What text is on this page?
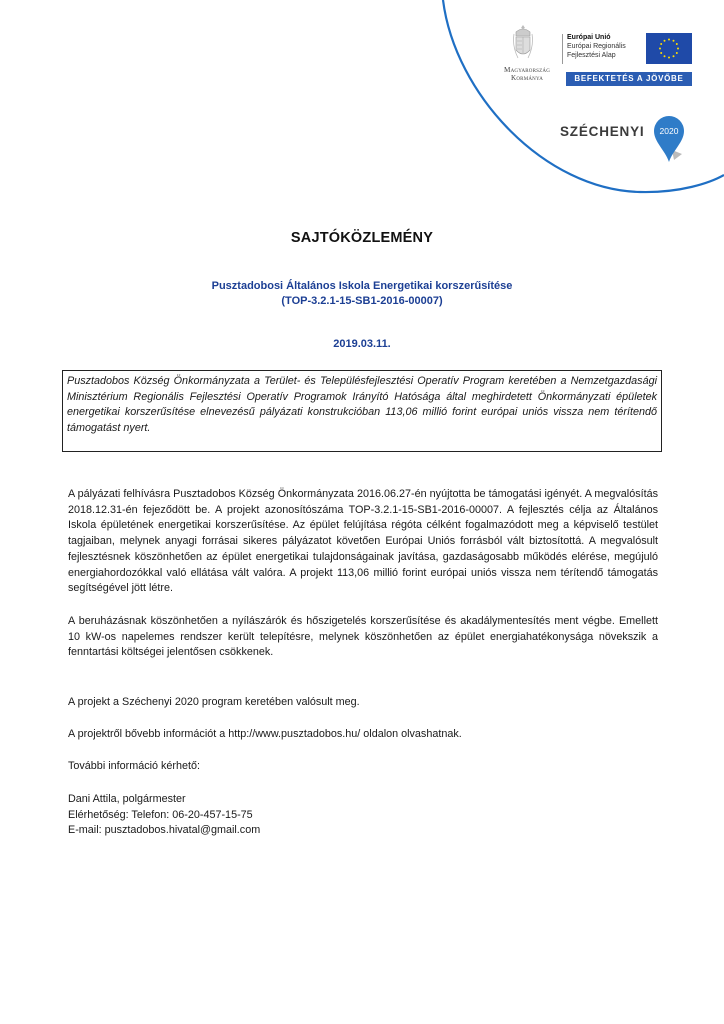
Magyarország
Kormánya
Európai Unió
Európai Regionális
Fejlesztési Alap
BEFEKTETÉS A JÖVŐBE
SZÉCHENYI 2020
SAJTÓKÖZLEMÉNY
Pusztadobosi Általános Iskola Energetikai korszerűsítése
(TOP-3.2.1-15-SB1-2016-00007)
2019.03.11.
Pusztadobos Község Önkormányzata a Terület- és Településfejlesztési Operatív Program keretében a Nemzetgazdasági Minisztérium Regionális Fejlesztési Operatív Programok Irányító Hatósága által meghirdetett Önkormányzati épületek energetikai korszerűsítése elnevezésű pályázati konstrukcióban 113,06 millió forint európai uniós vissza nem térítendő támogatást nyert.
A pályázati felhívásra Pusztadobos Község Önkormányzata 2016.06.27-én nyújtotta be támogatási igényét. A megvalósítás 2018.12.31-én fejeződött be. A projekt azonosítószáma TOP-3.2.1-15-SB1-2016-00007. A fejlesztés célja az Általános Iskola épületének energetikai korszerűsítése. Az épület felújítása régóta célként fogalmazódott meg a képviselő testület tagjaiban, melynek anyagi forrásai sikeres pályázatot követően Európai Uniós forrásból vált biztosítottá. A megvalósult fejlesztésnek köszönhetően az épület energetikai tulajdonságainak javítása, gazdaságosabb működés elérése, megújuló energiahordozókkal való ellátása vált valóra. A projekt 113,06 millió forint európai uniós vissza nem térítendő támogatás segítségével jött létre.
A beruházásnak köszönhetően a nyílászárók és hőszigetelés korszerűsítése és akadálymentesítés ment végbe. Emellett 10 kW-os napelemes rendszer került telepítésre, melynek köszönhetően az épület energiahatékonysága növekszik a fenntartási költségei jelentősen csökkenek.
A projekt a Széchenyi 2020 program keretében valósult meg.
A projektről bővebb információt a http://www.pusztadobos.hu/ oldalon olvashatnak.
További információ kérhető:
Dani Attila, polgármester
Elérhetőség: Telefon: 06-20-457-15-75
E-mail: pusztadobos.hivatal@gmail.com
